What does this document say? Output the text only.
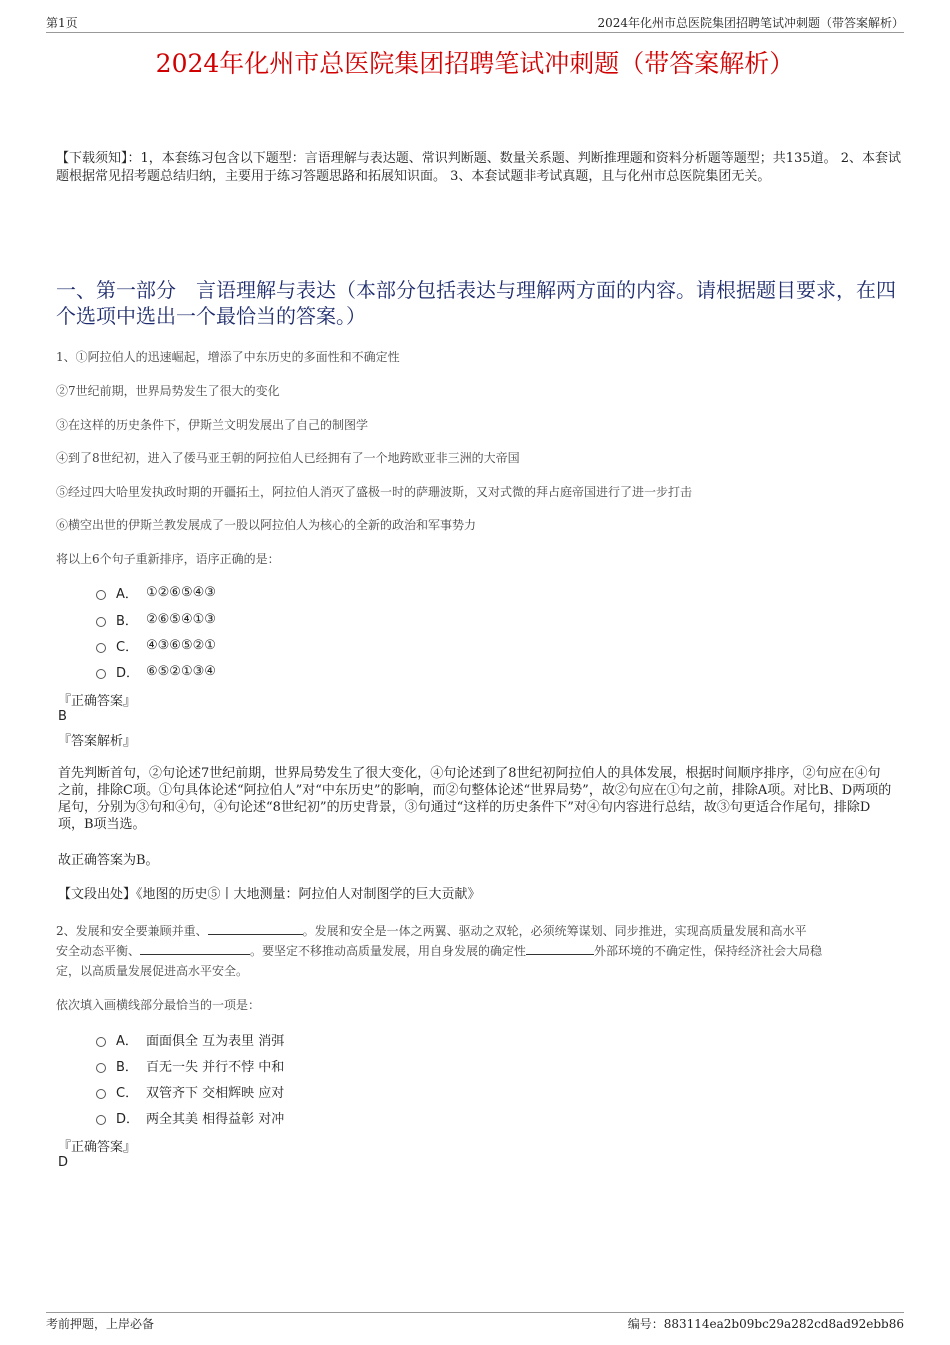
第1页	2024年化州市总医院集团招聘笔试冲刺题（带答案解析）
2024年化州市总医院集团招聘笔试冲刺题（带答案解析）
【下载须知】：1，本套练习包含以下题型：言语理解与表达题、常识判断题、数量关系题、判断推理题和资料分析题等题型；共135道。 2、本套试题根据常见招考题总结归纳，主要用于练习答题思路和拓展知识面。 3、本套试题非考试真题，且与化州市总医院集团无关。
一、第一部分　言语理解与表达（本部分包括表达与理解两方面的内容。请根据题目要求，在四个选项中选出一个最恰当的答案。）
1、①阿拉伯人的迅速崛起，增添了中东历史的多面性和不确定性
②7世纪前期，世界局势发生了很大的变化
③在这样的历史条件下，伊斯兰文明发展出了自己的制图学
④到了8世纪初，进入了倭马亚王朝的阿拉伯人已经拥有了一个地跨欧亚非三洲的大帝国
⑤经过四大哈里发执政时期的开疆拓土，阿拉伯人消灭了盛极一时的萨珊波斯，又对式微的拜占庭帝国进行了进一步打击
⑥横空出世的伊斯兰教发展成了一股以阿拉伯人为核心的全新的政治和军事势力
将以上6个句子重新排序，语序正确的是：
A． ①②⑥⑤④③
B． ②⑥⑤④①③
C． ④③⑥⑤②①
D． ⑥⑤②①③④
『正确答案』
B
『答案解析』
首先判断首句，②句论述7世纪前期，世界局势发生了很大变化，④句论述到了8世纪初阿拉伯人的具体发展，根据时间顺序排序，②句应在④句之前，排除C项。①句具体论述“阿拉伯人”对“中东历史”的影响，而②句整体论述“世界局势”，故②句应在①句之前，排除A项。对比B、D两项的尾句，分别为③句和④句，④句论述“8世纪初”的历史背景，③句通过“这样的历史条件下”对④句内容进行总结，故③句更适合作尾句，排除D项，B项当选。
故正确答案为B。
【文段出处】《地图的历史⑤丨大地测量：阿拉伯人对制图学的巨大贡献》
2、发展和安全要兼顾并重、	。发展和安全是一体之两翼、驱动之双轮，必须统筹谋划、同步推进，实现高质量发展和高水平
安全动态平衡、	。要坚定不移推动高质量发展，用自身发展的确定性	外部环境的不确定性，保持经济社会大局稳
定，以高质量发展促进高水平安全。
依次填入画横线部分最恰当的一项是：
A． 面面俱全 互为表里 消弭
B． 百无一失 并行不悖 中和
C． 双管齐下 交相辉映 应对
D． 两全其美 相得益彰 对冲
『正确答案』
D
考前押题，上岸必备	编号：883114ea2b09bc29a282cd8ad92ebb86
